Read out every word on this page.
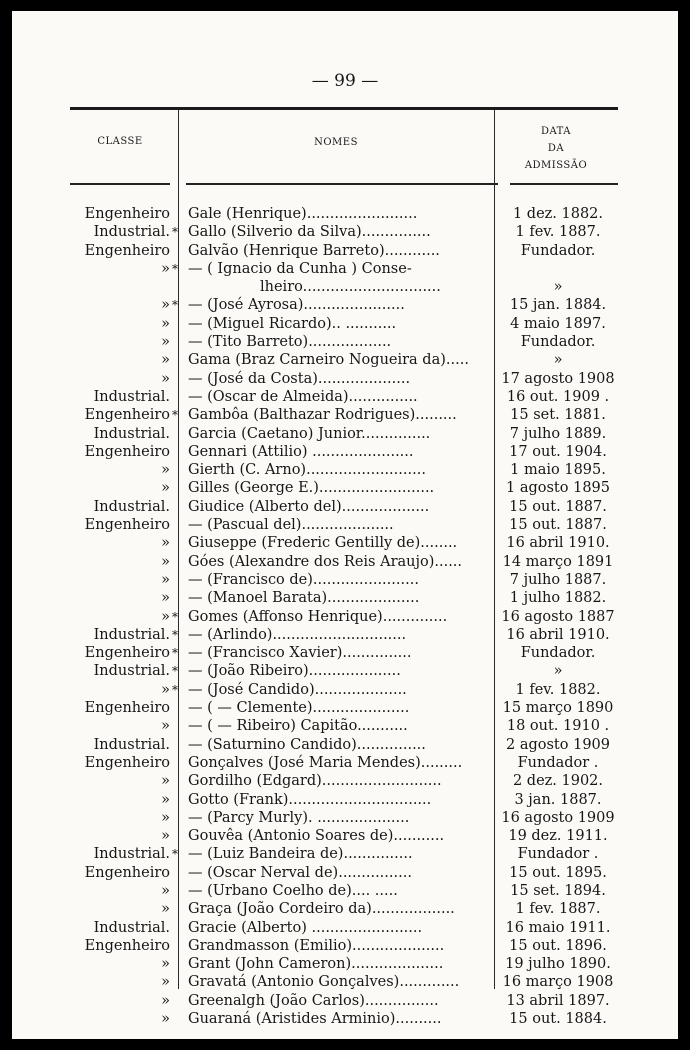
— 99 —
CLASSE	NOMES
DATA
DA
ADMISSÃO
Engenheiro Gale (Henrique)........................	1 dez. 1882.
Industrial. * Gallo (Silverio da Silva)...............	1 fev. 1887.
Engenheiro Galvão (Henrique Barreto)............	Fundador.
» * — ( Ignacio da Cunha ) Conse-
lheiro..............................	»
» * — (José Ayrosa)......................	15 jan. 1884.
» — (Miguel Ricardo).. ...........	4 maio 1897.
» — (Tito Barreto)..................	Fundador.
» Gama (Braz Carneiro Nogueira da).....	»
» — (José da Costa)....................	17 agosto 1908
Industrial. — (Oscar de Almeida)...............	16 out. 1909 .
Engenheiro * Gambôa (Balthazar Rodrigues).........	15 set. 1881.
Industrial. Garcia (Caetano) Junior...............	7 julho 1889.
Engenheiro Gennari (Attilio) ......................	17 out. 1904.
» Gierth (C. Arno)..........................	1 maio 1895.
» Gilles (George E.).........................	1 agosto 1895
Industrial. Giudice (Alberto del)...................	15 out. 1887.
Engenheiro — (Pascual del)....................	15 out. 1887.
» Giuseppe (Frederic Gentilly de)........	16 abril 1910.
» Góes (Alexandre dos Reis Araujo)......	14 março 1891
» — (Francisco de).......................	7 julho 1887.
» — (Manoel Barata)....................	1 julho 1882.
» * Gomes (Affonso Henrique)..............	16 agosto 1887
Industrial. * — (Arlindo).............................	16 abril 1910.
Engenheiro * — (Francisco Xavier)...............	Fundador.
Industrial. * — (João Ribeiro)....................	»
» * — (José Candido)....................	1 fev. 1882.
Engenheiro — ( — Clemente).....................	15 março 1890
» — ( — Ribeiro) Capitão...........	18 out. 1910 .
Industrial. — (Saturnino Candido)...............	2 agosto 1909
Engenheiro Gonçalves (José Maria Mendes).........	Fundador .
» Gordilho (Edgard)..........................	2 dez. 1902.
» Gotto (Frank)...............................	3 jan. 1887.
» — (Parcy Murly). ....................	16 agosto 1909
» Gouvêa (Antonio Soares de)...........	19 dez. 1911.
Industrial. * — (Luiz Bandeira de)...............	Fundador .
Engenheiro — (Oscar Nerval de)................	15 out. 1895.
» — (Urbano Coelho de).... .....	15 set. 1894.
» Graça (João Cordeiro da)..................	1 fev. 1887.
Industrial. Gracie (Alberto) ........................	16 maio 1911.
Engenheiro Grandmasson (Emilio)....................	15 out. 1896.
» Grant (John Cameron)....................	19 julho 1890.
» Gravatá (Antonio Gonçalves).............	16 março 1908
» Greenalgh (João Carlos)................	13 abril 1897.
» Guaraná (Aristides Arminio)..........	15 out. 1884.
